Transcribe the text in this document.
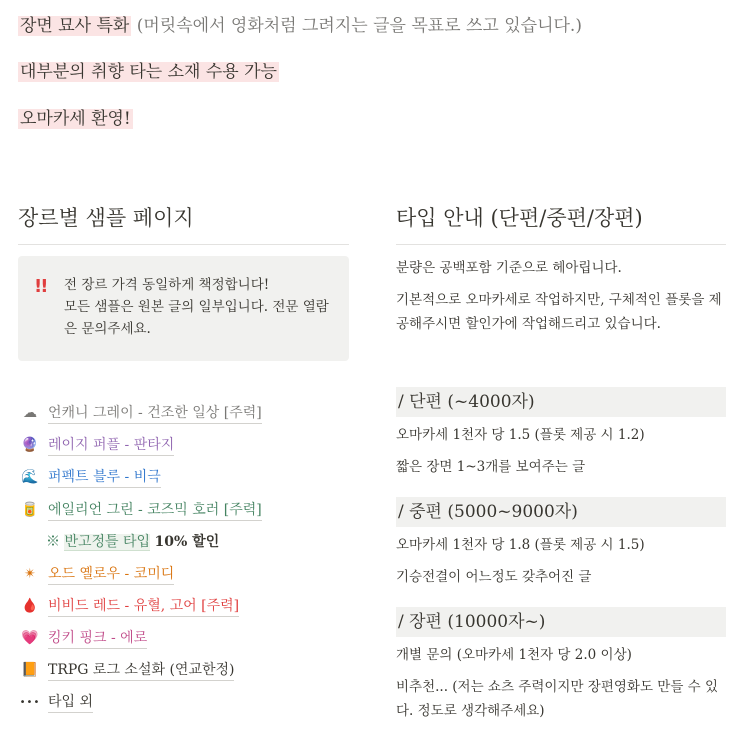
장면 묘사 특화 (머릿속에서 영화처럼 그려지는 글을 목표로 쓰고 있습니다.)
대부분의 취향 타는 소재 수용 가능
오마카세 환영!
장르별 샘플 페이지
!! 전 장르 가격 동일하게 책정합니다!
모든 샘플은 원본 글의 일부입니다. 전문 열람은 문의주세요.
☁ 언캐니 그레이 - 건조한 일상 [주력]
🔮 레이지 퍼플 - 판타지
🌊 퍼펙트 블루 - 비극
🥫 에일리언 그린 - 코즈믹 호러 [주력]
※ 반고정틀 타입 10% 할인
✴ 오드 옐로우 - 코미디
🩸 비비드 레드 - 유혈, 고어 [주력]
💗 킹키 핑크 - 에로
📙 TRPG 로그 소설화 (연교한정)
••• 타입 외
타입 안내 (단편/중편/장편)
분량은 공백포함 기준으로 헤아립니다.
기본적으로 오마카세로 작업하지만, 구체적인 플롯을 제공해주시면 할인가에 작업해드리고 있습니다.
/ 단편 (~4000자)
오마카세 1천자 당 1.5 (플롯 제공 시 1.2)
짧은 장면 1~3개를 보여주는 글
/ 중편 (5000~9000자)
오마카세 1천자 당 1.8 (플롯 제공 시 1.5)
기승전결이 어느정도 갖추어진 글
/ 장편 (10000자~)
개별 문의 (오마카세 1천자 당 2.0 이상)
비추천... (저는 쇼츠 주력이지만 장편영화도 만들 수 있다. 정도로 생각해주세요)
